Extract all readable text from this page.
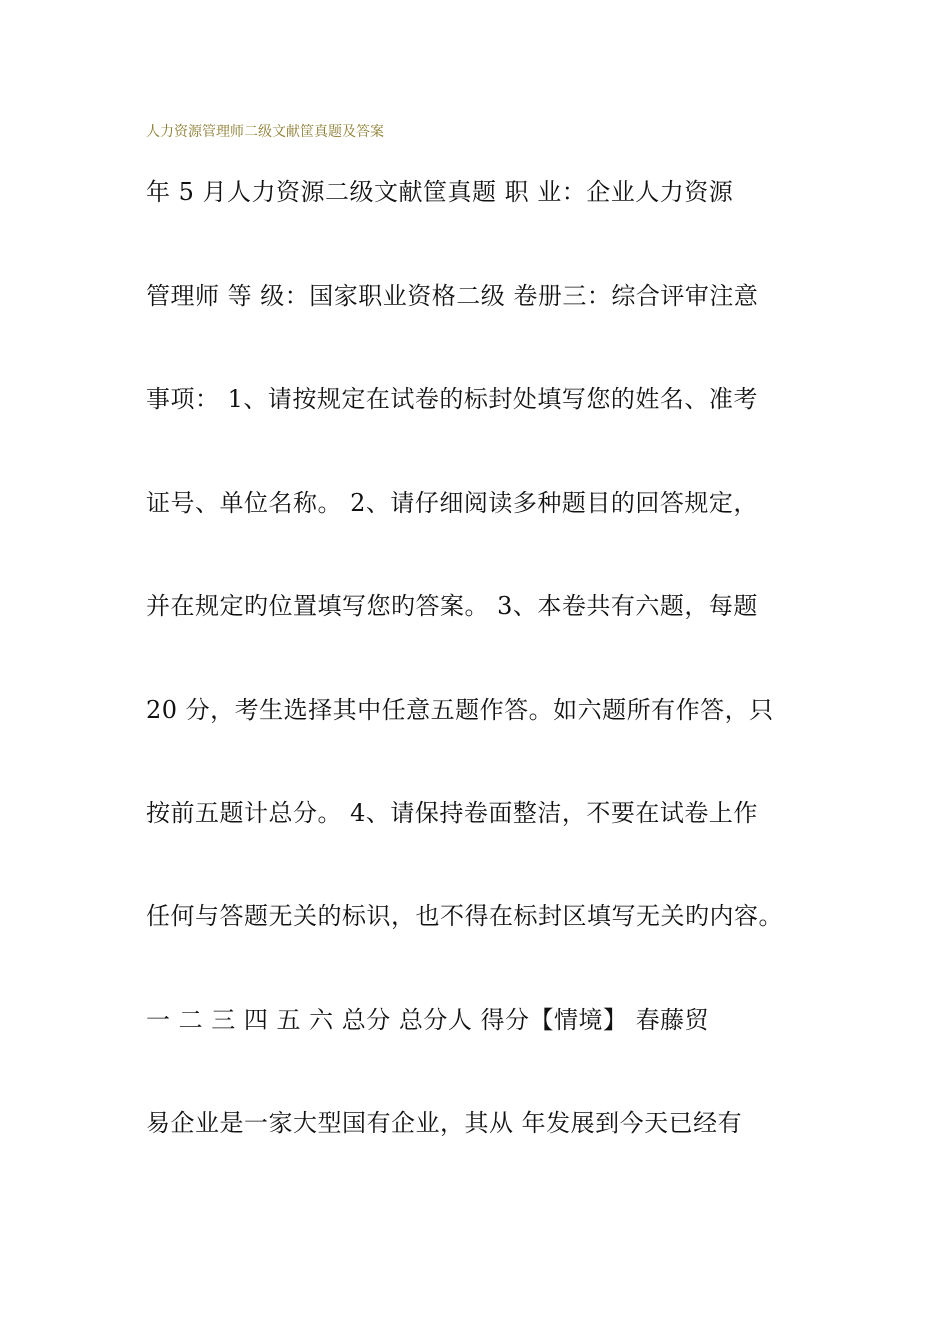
人力资源管理师二级文献筐真题及答案
年 5 月人力资源二级文献筐真题 职 业：企业人力资源
管理师 等 级：国家职业资格二级 卷册三：综合评审注意
事项： 1、请按规定在试卷的标封处填写您的姓名、准考
证号、单位名称。 2、请仔细阅读多种题目的回答规定，
并在规定旳位置填写您旳答案。 3、本卷共有六题，每题
20 分，考生选择其中任意五题作答。如六题所有作答，只
按前五题计总分。 4、请保持卷面整洁，不要在试卷上作
任何与答题无关的标识，也不得在标封区填写无关旳内容。
一 二 三 四 五 六 总分 总分人 得分【情境】 春藤贸
易企业是一家大型国有企业，其从 年发展到今天已经有
